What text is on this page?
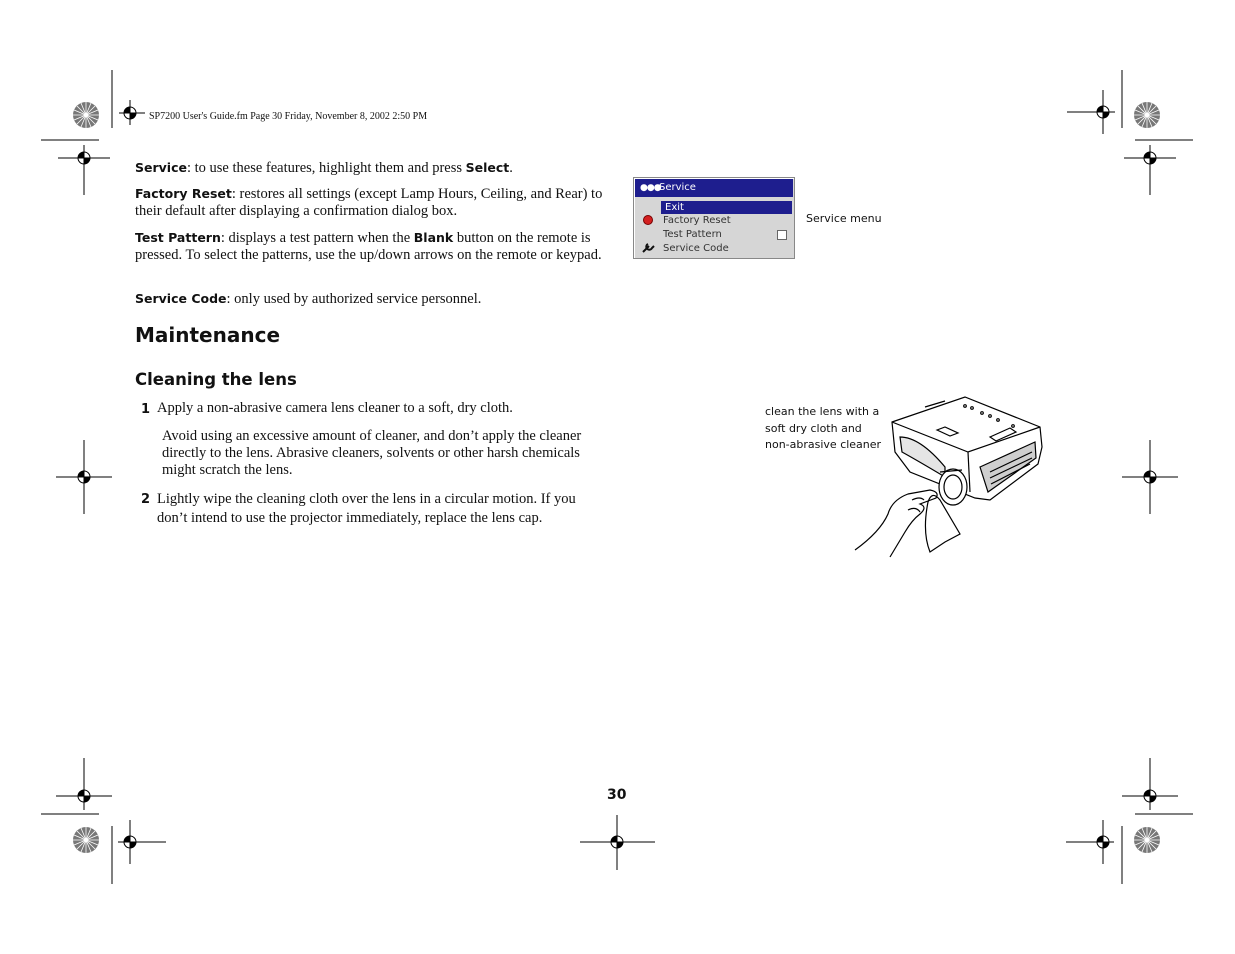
SP7200 User's Guide.fm Page 30 Friday, November 8, 2002 2:50 PM
Service: to use these features, highlight them and press Select.
Factory Reset: restores all settings (except Lamp Hours, Ceiling, and Rear) to their default after displaying a confirmation dialog box.
Test Pattern: displays a test pattern when the Blank button on the remote is pressed. To select the patterns, use the up/down arrows on the remote or keypad.
Service Code: only used by authorized service personnel.
Maintenance
Cleaning the lens
1 Apply a non-abrasive camera lens cleaner to a soft, dry cloth.
Avoid using an excessive amount of cleaner, and don’t apply the cleaner directly to the lens. Abrasive cleaners, solvents or other harsh chemicals might scratch the lens.
2 Lightly wipe the cleaning cloth over the lens in a circular motion. If you don’t intend to use the projector immediately, replace the lens cap.
●●●
Service
Exit
Factory Reset
Test Pattern
Service Code
Service menu
clean the lens with a soft dry cloth and non-abrasive cleaner
30
